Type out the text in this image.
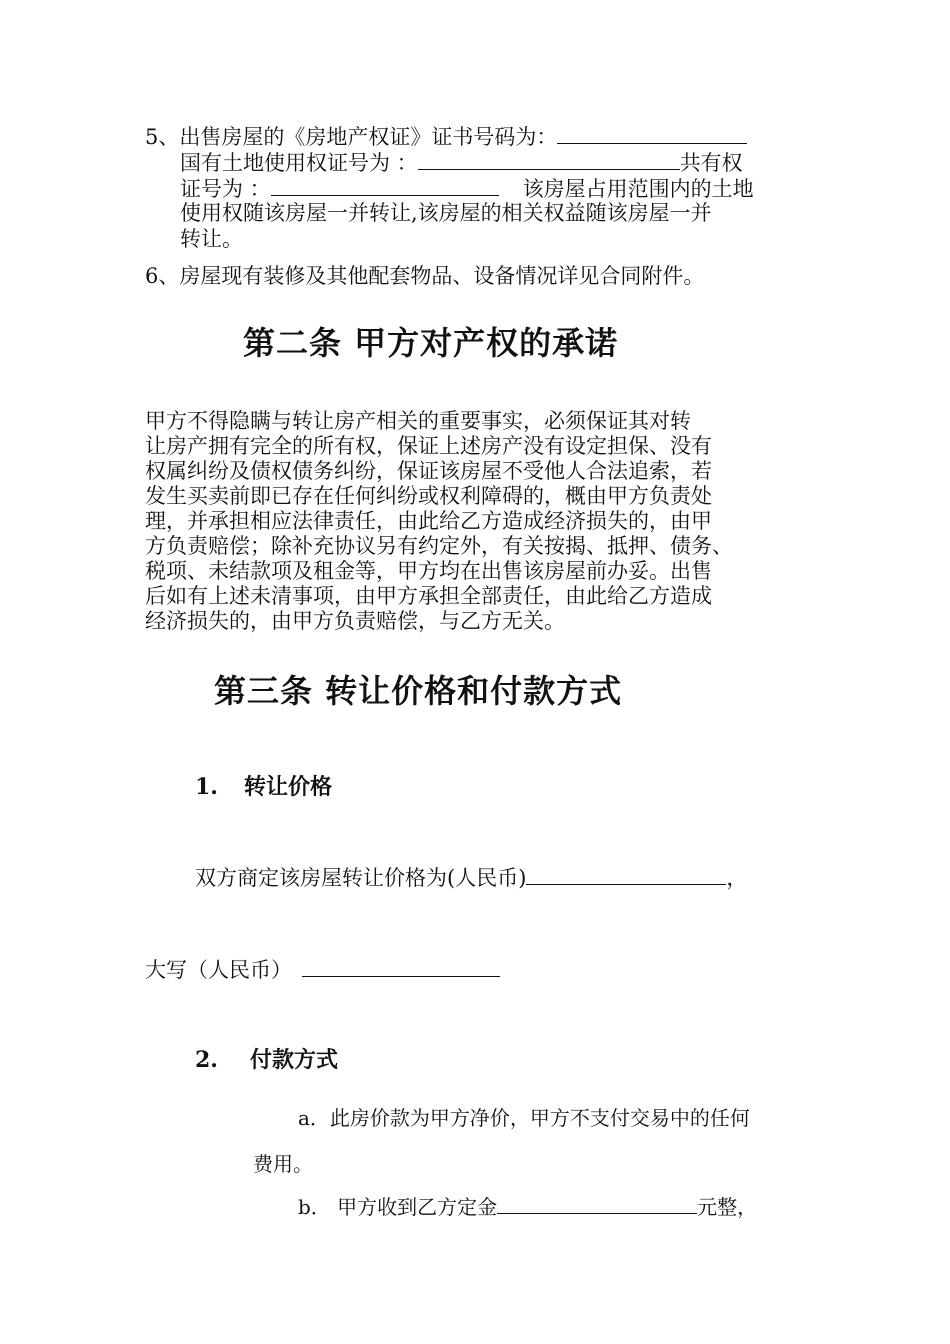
5、出售房屋的《房地产权证》证书号码为：
国有土地使用权证号为 ：	共有权
证号为 ：	该房屋占用范围内的土地
使用权随该房屋一并转让,该房屋的相关权益随该房屋一并
转让。
6、房屋现有装修及其他配套物品、设备情况详见合同附件。
第二条 甲方对产权的承诺
甲方不得隐瞒与转让房产相关的重要事实，必须保证其对转
让房产拥有完全的所有权，保证上述房产没有设定担保、没有
权属纠纷及债权债务纠纷，保证该房屋不受他人合法追索，若
发生买卖前即已存在任何纠纷或权利障碍的，概由甲方负责处
理，并承担相应法律责任，由此给乙方造成经济损失的，由甲
方负责赔偿；除补充协议另有约定外，有关按揭、抵押、债务、
税项、未结款项及租金等，甲方均在出售该房屋前办妥。出售
后如有上述未清事项，由甲方承担全部责任，由此给乙方造成
经济损失的，由甲方负责赔偿，与乙方无关。
第三条 转让价格和付款方式
1. 转让价格
双方商定该房屋转让价格为(人民币)	，
大写（人民币）
2. 付款方式
a．此房价款为甲方净价，甲方不支付交易中的任何
费用。
b． 甲方收到乙方定金	元整，
